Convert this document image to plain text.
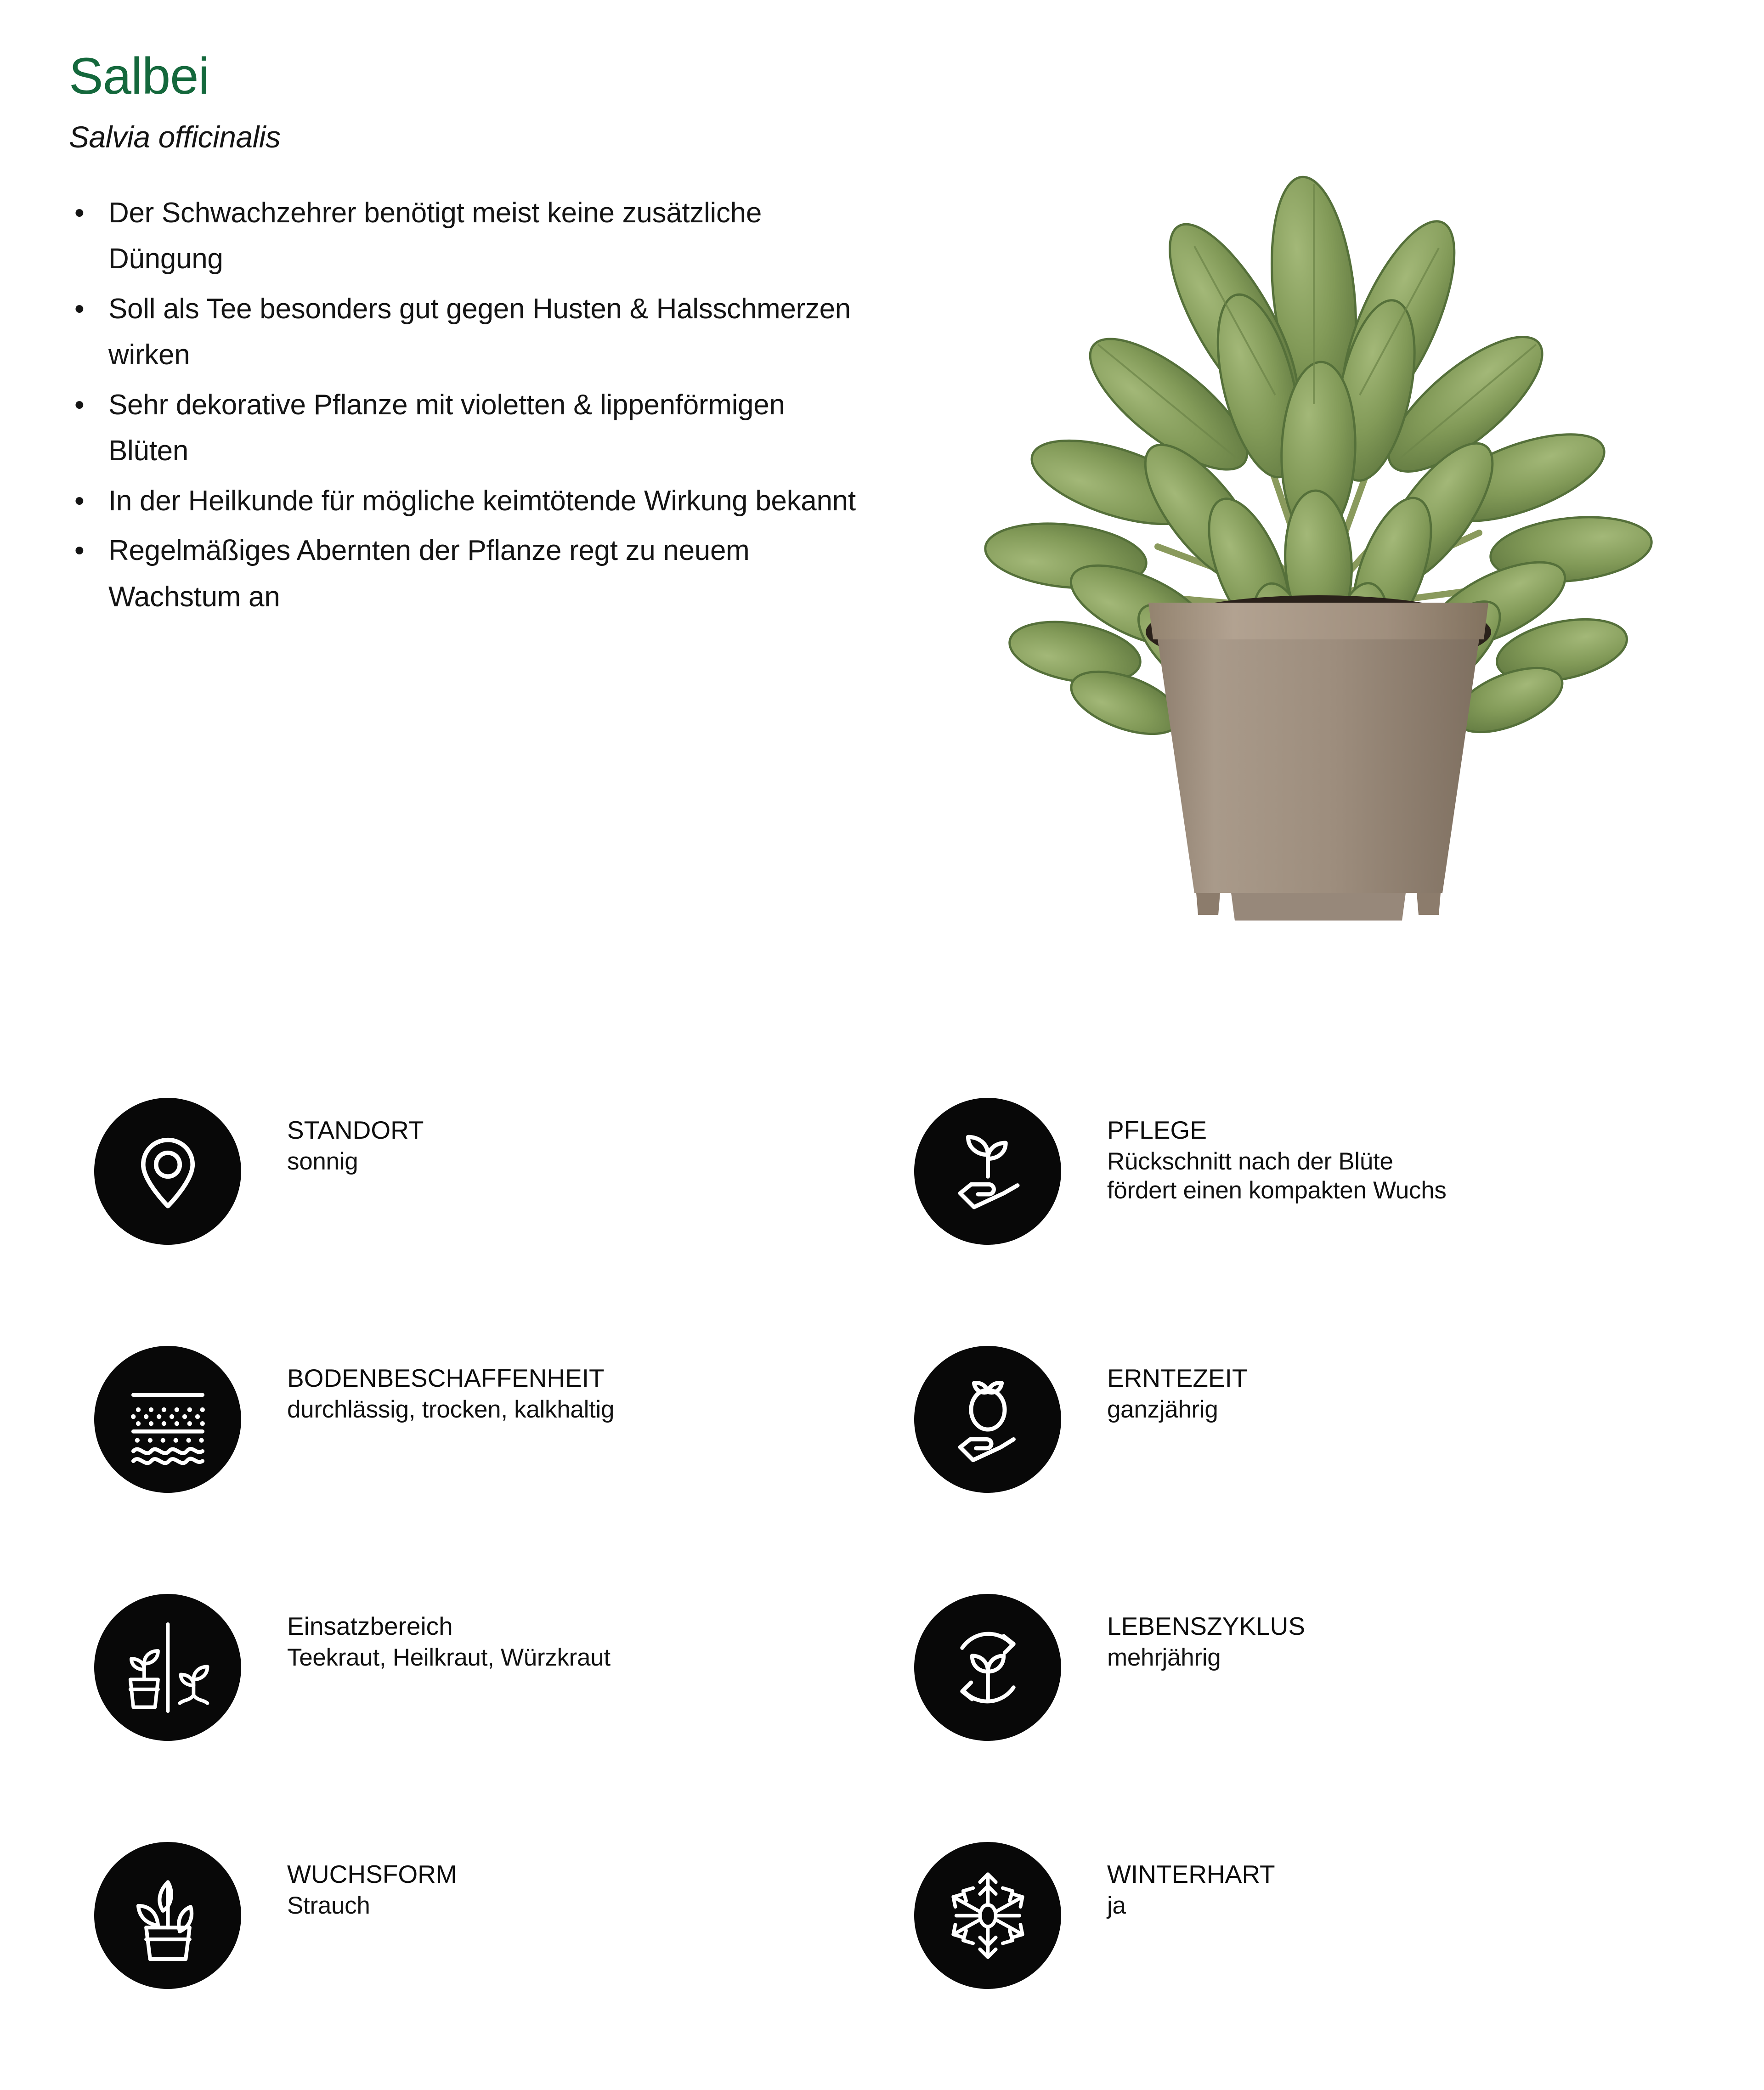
Salbei
Salvia officinalis
• Der Schwachzehrer benötigt meist keine zusätzliche Düngung
• Soll als Tee besonders gut gegen Husten & Halsschmerzen wirken
• Sehr dekorative Pflanze mit violetten & lippenförmigen Blüten
• In der Heilkunde für mögliche keimtötende Wirkung bekannt
• Regelmäßiges Abernten der Pflanze regt zu neuem Wachstum an
STANDORT
sonnig
PFLEGE
Rückschnitt nach der Blüte
fördert einen kompakten Wuchs
BODENBESCHAFFENHEIT
durchlässig, trocken, kalkhaltig
ERNTEZEIT
ganzjährig
Einsatzbereich
Teekraut, Heilkraut, Würzkraut
LEBENSZYKLUS
mehrjährig
WUCHSFORM
Strauch
WINTERHART
ja
